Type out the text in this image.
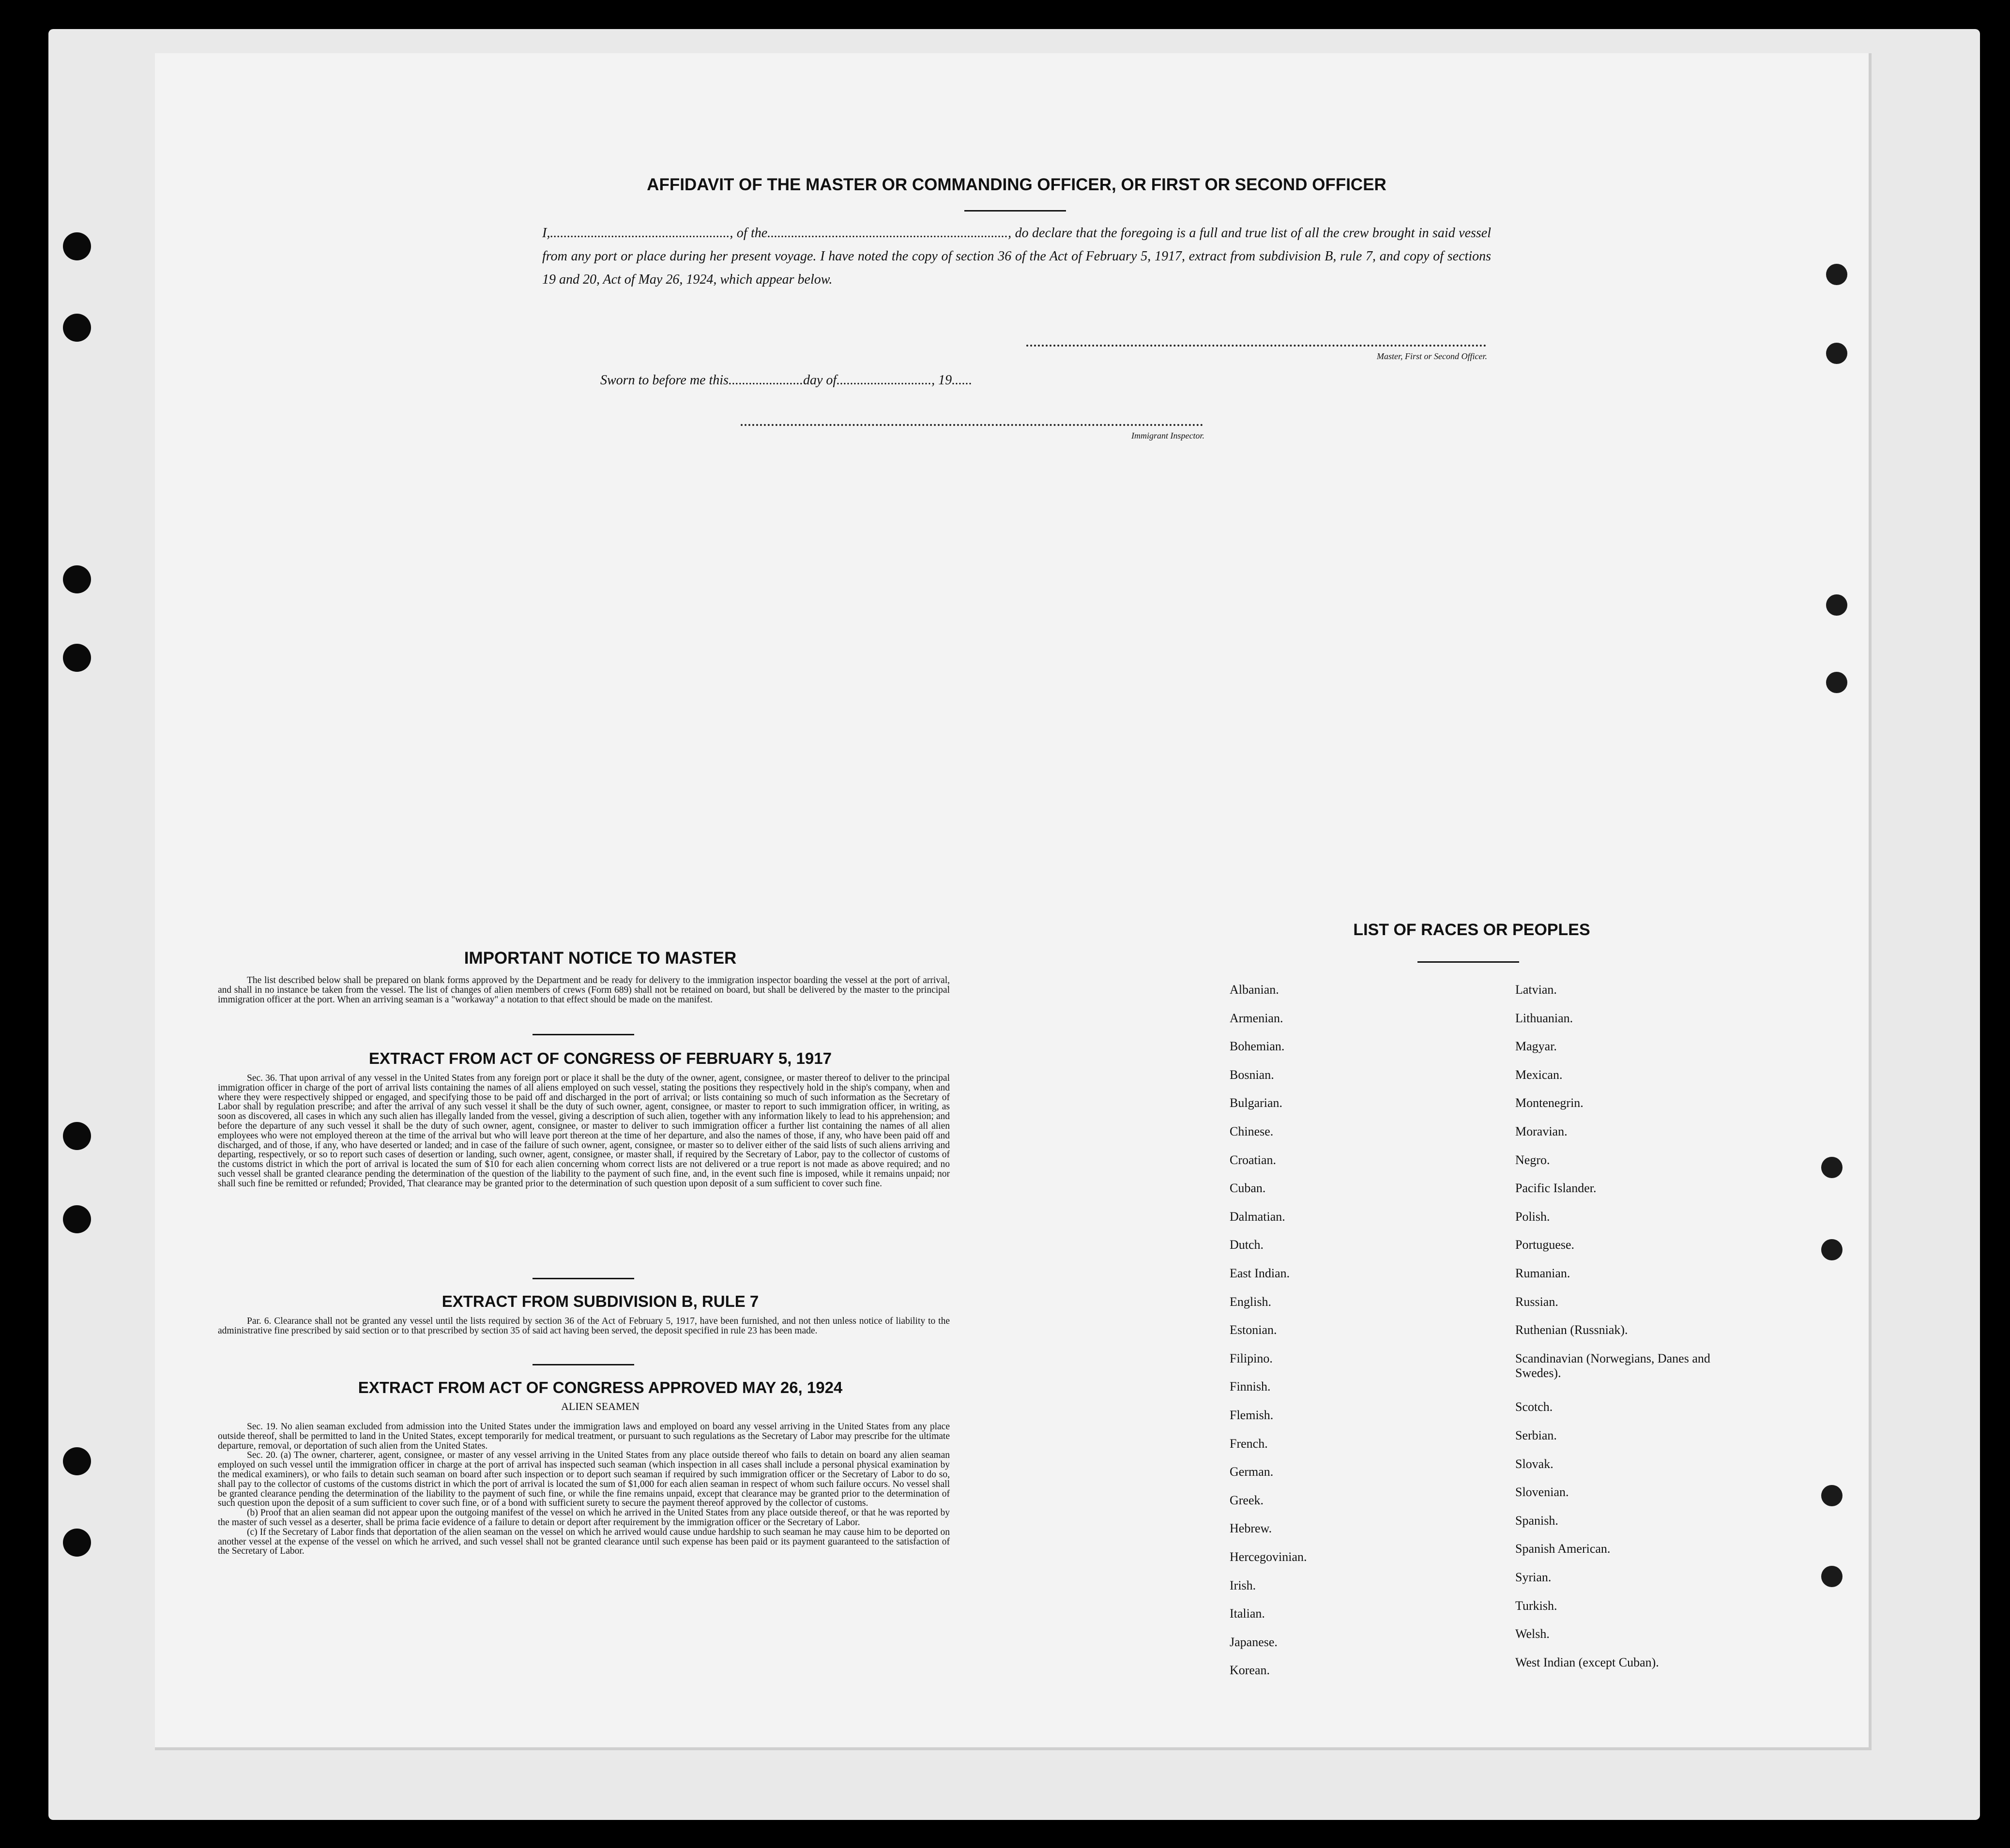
AFFIDAVIT OF THE MASTER OR COMMANDING OFFICER, OR FIRST OR SECOND OFFICER
I,....................................................., of the......................................................................., do declare that the foregoing is a full and true list of all the crew brought in said vessel from any port or place during her present voyage. I have noted the copy of section 36 of the Act of February 5, 1917, extract from subdivision B, rule 7, and copy of sections 19 and 20, Act of May 26, 1924, which appear below.
Master, First or Second Officer.
Sworn to before me this......................day of............................, 19......
Immigrant Inspector.
IMPORTANT NOTICE TO MASTER

The list described below shall be prepared on blank forms approved by the Department and be ready for delivery to the immigration inspector boarding the vessel at the port of arrival, and shall in no instance be taken from the vessel. The list of changes of alien members of crews (Form 689) shall not be retained on board, but shall be delivered by the master to the principal immigration officer at the port. When an arriving seaman is a "workaway" a notation to that effect should be made on the manifest.

EXTRACT FROM ACT OF CONGRESS OF FEBRUARY 5, 1917

Sec. 36. That upon arrival of any vessel in the United States from any foreign port or place it shall be the duty of the owner, agent, consignee, or master thereof to deliver to the principal immigration officer in charge of the port of arrival lists containing the names of all aliens employed on such vessel, stating the positions they respectively hold in the ship's company, when and where they were respectively shipped or engaged, and specifying those to be paid off and discharged in the port of arrival; or lists containing so much of such information as the Secretary of Labor shall by regulation prescribe; and after the arrival of any such vessel it shall be the duty of such owner, agent, consignee, or master to report to such immigration officer, in writing, as soon as discovered, all cases in which any such alien has illegally landed from the vessel, giving a description of such alien, together with any information likely to lead to his apprehension; and before the departure of any such vessel it shall be the duty of such owner, agent, consignee, or master to deliver to such immigration officer a further list containing the names of all alien employees who were not employed thereon at the time of the arrival but who will leave port thereon at the time of her departure, and also the names of those, if any, who have been paid off and discharged, and of those, if any, who have deserted or landed; and in case of the failure of such owner, agent, consignee, or master so to deliver either of the said lists of such aliens arriving and departing, respectively, or so to report such cases of desertion or landing, such owner, agent, consignee, or master shall, if required by the Secretary of Labor, pay to the collector of customs of the customs district in which the port of arrival is located the sum of $10 for each alien concerning whom correct lists are not delivered or a true report is not made as above required; and no such vessel shall be granted clearance pending the determination of the question of the liability to the payment of such fine, and, in the event such fine is imposed, while it remains unpaid; nor shall such fine be remitted or refunded; Provided, That clearance may be granted prior to the determination of such question upon deposit of a sum sufficient to cover such fine.

EXTRACT FROM SUBDIVISION B, RULE 7

Par. 6. Clearance shall not be granted any vessel until the lists required by section 36 of the Act of February 5, 1917, have been furnished, and not then unless notice of liability to the administrative fine prescribed by said section or to that prescribed by section 35 of said act having been served, the deposit specified in rule 23 has been made.

EXTRACT FROM ACT OF CONGRESS APPROVED MAY 26, 1924
ALIEN SEAMEN

Sec. 19. No alien seaman excluded from admission into the United States under the immigration laws and employed on board any vessel arriving in the United States from any place outside thereof, shall be permitted to land in the United States, except temporarily for medical treatment, or pursuant to such regulations as the Secretary of Labor may prescribe for the ultimate departure, removal, or deportation of such alien from the United States.

Sec. 20. (a) The owner, charterer, agent, consignee, or master of any vessel arriving in the United States from any place outside thereof who fails to detain on board any alien seaman employed on such vessel until the immigration officer in charge at the port of arrival has inspected such seaman (which inspection in all cases shall include a personal physical examination by the medical examiners), or who fails to detain such seaman on board after such inspection or to deport such seaman if required by such immigration officer or the Secretary of Labor to do so, shall pay to the collector of customs of the customs district in which the port of arrival is located the sum of $1,000 for each alien seaman in respect of whom such failure occurs. No vessel shall be granted clearance pending the determination of the liability to the payment of such fine, or while the fine remains unpaid, except that clearance may be granted prior to the determination of such question upon the deposit of a sum sufficient to cover such fine, or of a bond with sufficient surety to secure the payment thereof approved by the collector of customs.

(b) Proof that an alien seaman did not appear upon the outgoing manifest of the vessel on which he arrived in the United States from any place outside thereof, or that he was reported by the master of such vessel as a deserter, shall be prima facie evidence of a failure to detain or deport after requirement by the immigration officer or the Secretary of Labor.

(c) If the Secretary of Labor finds that deportation of the alien seaman on the vessel on which he arrived would cause undue hardship to such seaman he may cause him to be deported on another vessel at the expense of the vessel on which he arrived, and such vessel shall not be granted clearance until such expense has been paid or its payment guaranteed to the satisfaction of the Secretary of Labor.

LIST OF RACES OR PEOPLES
Albanian.
Armenian.
Bohemian.
Bosnian.
Bulgarian.
Chinese.
Croatian.
Cuban.
Dalmatian.
Dutch.
East Indian.
English.
Estonian.
Filipino.
Finnish.
Flemish.
French.
German.
Greek.
Hebrew.
Hercegovinian.
Irish.
Italian.
Japanese.
Korean.
Latvian.
Lithuanian.
Magyar.
Mexican.
Montenegrin.
Moravian.
Negro.
Pacific Islander.
Polish.
Portuguese.
Rumanian.
Russian.
Ruthenian (Russniak).
Scandinavian (Norwegians, Danes and Swedes).
Scotch.
Serbian.
Slovak.
Slovenian.
Spanish.
Spanish American.
Syrian.
Turkish.
Welsh.
West Indian (except Cuban).
